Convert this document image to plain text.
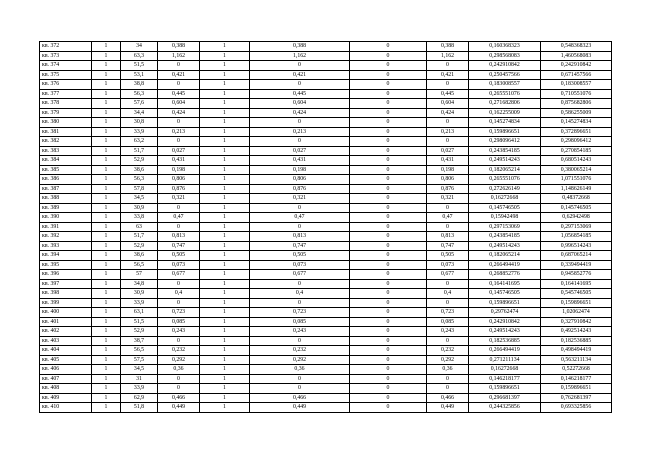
кв. 372	1	34	0,388	1	0,388	0	0,388	0,160368323	0,548368323
кв. 373	1	63,3	1,162	1	1,162	0	1,162	0,298568083	1,460568083
кв. 374	1	51,5	0	1	0	0	0	0,242910842	0,242910842
кв. 375	1	53,1	0,421	1	0,421	0	0,421	0,250457566	0,671457566
кв. 376	1	38,8	0	1	0	0	0	0,183008557	0,183008557
кв. 377	1	56,3	0,445	1	0,445	0	0,445	0,265551076	0,710551076
кв. 378	1	57,6	0,604	1	0,604	0	0,604	0,271682806	0,875682806
кв. 379	1	34,4	0,424	1	0,424	0	0,424	0,162255009	0,586255009
кв. 380	1	30,8	0	1	0	0	0	0,145274834	0,145274834
кв. 381	1	33,9	0,213	1	0,213	0	0,213	0,159896651	0,372896651
кв. 382	1	63,2	0	1	0	0	0	0,298096412	0,298096412
кв. 383	1	51,7	0,027	1	0,027	0	0,027	0,243854185	0,270854185
кв. 384	1	52,9	0,431	1	0,431	0	0,431	0,249514243	0,680514243
кв. 385	1	38,6	0,198	1	0,198	0	0,198	0,182065214	0,380065214
кв. 386	1	56,3	0,806	1	0,806	0	0,806	0,265551076	1,071551076
кв. 387	1	57,8	0,876	1	0,876	0	0,876	0,272626149	1,148626149
кв. 388	1	34,5	0,321	1	0,321	0	0,321	0,16272668	0,48372668
кв. 389	1	30,9	0	1	0	0	0	0,145746505	0,145746505
кв. 390	1	33,8	0,47	1	0,47	0	0,47	0,15942498	0,62942498
кв. 391	1	63	0	1	0	0	0	0,297153069	0,297153069
кв. 392	1	51,7	0,813	1	0,813	0	0,813	0,243854185	1,056854185
кв. 393	1	52,9	0,747	1	0,747	0	0,747	0,249514243	0,996514243
кв. 394	1	38,6	0,505	1	0,505	0	0,505	0,182065214	0,687065214
кв. 395	1	56,5	0,073	1	0,073	0	0,073	0,266494419	0,339494419
кв. 396	1	57	0,677	1	0,677	0	0,677	0,268852776	0,945852776
кв. 397	1	34,8	0	1	0	0	0	0,164141695	0,164141695
кв. 398	1	30,9	0,4	1	0,4	0	0,4	0,145746505	0,545746505
кв. 399	1	33,9	0	1	0	0	0	0,159896651	0,159896651
кв. 400	1	63,1	0,723	1	0,723	0	0,723	0,29762474	1,02062474
кв. 401	1	51,5	0,085	1	0,085	0	0,085	0,242910842	0,327910842
кв. 402	1	52,9	0,243	1	0,243	0	0,243	0,249514243	0,492514243
кв. 403	1	38,7	0	1	0	0	0	0,182536885	0,182536885
кв. 404	1	56,5	0,232	1	0,232	0	0,232	0,266494419	0,498494419
кв. 405	1	57,5	0,292	1	0,292	0	0,292	0,271211134	0,563211134
кв. 406	1	34,5	0,36	1	0,36	0	0,36	0,16272668	0,52272668
кв. 407	1	31	0	1	0	0	0	0,146218177	0,146218177
кв. 408	1	33,9	0	1	0	0	0	0,159896651	0,159896651
кв. 409	1	62,9	0,466	1	0,466	0	0,466	0,296681397	0,762681397
кв. 410	1	51,8	0,449	1	0,449	0	0,449	0,244325856	0,693325856
